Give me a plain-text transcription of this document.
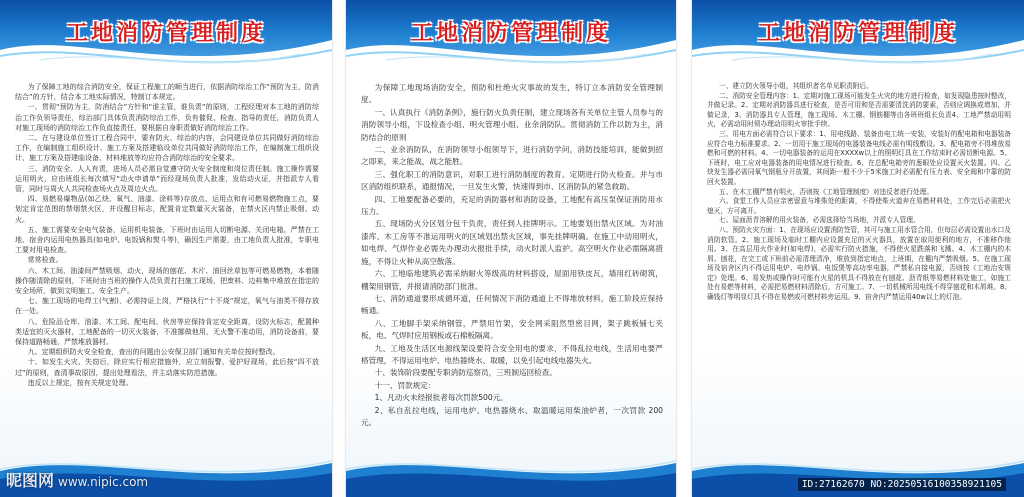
工地消防管理制度

为了保障工地的综合消防安全，保证工程施工的顺当进行，依据消防综治工作“预防为主，防消结合”的方针，结合本工地实际情况，特制订本规定。

一、贯彻“预防为主，防消结合”方针和“谁主管，谁负责”的原则，工程经理对本工地的消防综治工作负领导责任，综治部门具体负责消防综治工作，负有催促、检查、指导的责任，消防负责人对施工现场的消防综治工作负直接责任，要根据自身职责做好消防综治工作。

二、在与建设单位签订工程合同中，要有防火、综治的内容，会同建设单位共同做好消防综治工作，在编制施工组织设计、施工方案及搭建临设单位共同做好消防综治工作，在编制施工组织设计、施工方案及搭建临设备、材料堆放等均应符合消防综治的安全要求。

三、消防安全、人人有责，进场人员必需自觉遵守防火安全制度和岗位责任制。施工操作需要运用明火，应由班组长每次填写“动火申请单”而经现场负责人批准，发给动火证，并指派专人看管，同时与周火人共同检查场火点及周边火点。

四、易燃易爆物品(如乙炔、氧气、油漆、涂料等)存放点、运用点和有可燃易燃物施工点，要划定肯定范围的禁烟禁火区，并设醒目标志，配置肯定数量灭火装备，在禁火区内禁止吸烟、动火。

五、施工需要安全电气装备，运用机电装备，下班时由运用人切断电源、关闭电箱。严禁在工地、宿舍内运用电热器具(如电炉、电饭锅和熨斗等)，确因生产需要，由工地负责人批准，专职电工要对用电检查。

常常检查。

六、木工间、油漆间严禁吸烟、动火，现场的刨花、木片、油回丝草包等可燃易燃物，本着随操作随清除的原则，下班时由当班的操作人员负责打扫施工现场，把废料、边料集中堆放在指定的安全场所，做到文明施工、安全生产。

七、施工现场的电焊工(气割)，必需持证上岗，严格执行“十不烧”规定，氧气与油类不得存放在一处。

八、危险品仓库、油漆、木工间、配电间、伙房等应保持肯定安全距离，设防火标志，配置种类适宜的灭火器材，工地配备的一切灭火装备，不准挪做他用，无火警不准动用，消防设备前，要保持道路畅通，严禁堆放器材。

九、定期组织防火安全检查，查出的问题由公安保卫部门通知有关单位按时整改。

十、如发生火灾、失窃后，除应实行相应措施外，应立刻报警，爱护好现场，此后按“四不放过”的原则，查清事故原因，提出处理看法，并主动落实防范措施。

违反以上规定，按有关规定处理。

工地消防管理制度

为保障工地现场消防安全，预防和杜绝火灾事故的发生，特订立本消防安全管理制度。

一、认真执行《消防条例》，施行防火负责任制，建立现场各有关单位主管人员参与的消防领导小组，下设检查小组、明火管理小组、业余消防队。贯彻消防工作以防为主，消防结合的原则

二、业余消防队，在消防领导小组领导下，进行消防学问，消防技能培训，能做到招之即来，来之能战，战之能胜。

三、强化职工的消防意识，对职工进行消防制度的教育。定期进行防火检查。并与市区消防组织联系，通报情况，一旦发生火警，快速得到市、区消防队的紧急救助。

四、工地要配备必要的，充足的消防器材和消防设备，工地配有高压泵保证消防用水压力。

五、现场防火分区划分包干负责，责任到人挂牌明示。工地要划出禁火区域。为对油漆库、木工房等不准运用明火的区域划出禁火区域，事先挂牌明确。在施工中动用明火，如电焊、气焊作业必需先办理动火报批手续，动火时派人监护。高空明火作业必需隔离措施，不得让火种从高空散落。

六、工地临地建筑必需采纳耐火等级高的材料搭设，屋面用铁皮瓦，墙用红砖砌筑，棚架用钢管，并报请消防部门批准。

七、消防通道要形成循环道，任何情况下消防通道上不得堆放材料，施工阶段应保持畅通。

八、工地脚手架采纳钢管，严禁用竹架，安全网采阻然型密目网，架子跳板铺七夹板，电、气焊时应用钢板或石棉板隔离。

九、工地及生活区电源线架设要符合安全用电的要求，不得乱拉电线，生活用电要严格管理，不得运用电炉、电热器烧水、取暖，以免引起电线电器失火。

十、装饰阶段要配专职消防巡察员，三班制巡回检查。

十一、罚款规定：

1、凡动火未经报批者每次罚款500元。

2、私自乱拉电线，运用电炉、电热器烧水、取温暖运用柴油炉者，一次罚款 200 元。

工地消防管理制度

一、建立防火领导小组，其组织者名单见职责附后。

二、消防安全管理内容：1、定期对施工现场可能发生火灾的地方进行检查，如发现隐患按时整改，并做记录。2、定期对消防器具进行检查，是否可用和是否需要清洗消防要素，否则应调换或增加，并做记录，3、消防器具专人管理，施工现场、木工棚、钢筋棚等由各班班组长负责4、工地严禁动用明火，必需动用时须办理动用明火审批手续。

三、用电方面必需符合以下要求：1、用电线路、装备由电工统一安装，安装好的配电箱和电器装备应符合电力标准要求。2、一切用于施工现场的电器装备电线必需有明线敷设。3、配电箱旁不得堆放易燃和可燃的材料。4、一切电器装备的运用在XXXXw以上的照明灯具在工作结束时必需切断电源。5、下班时，电工应对电器装备的用电情况进行检查。6、在总配电箱旁的葱眼处应设置灭火装置。四、乙炔发生器必需同氧气钢瓶分开放置，其间距一般不少于5米施工时必需配有压力表、安全阀和中靠的防回火装置。

五、在木工棚严禁有明火，否则按《工地管理制度》对违反者进行处理。

六、食堂工作人员应亲密留意与堆柴处的距离，不得使柴火道奔在易燃材料处，工作完后必需把火熄灭，方可离开。

七、屋面沥青溶解的用火装备，必需选择恰当场地，并派专人管理。

八、预防火灾方面：1、在现场应设置消防签管，其可与施工用水管合用，但每层必需设置出水口及消防软管。2、施工现场及临时工棚内应设置充足的灭火器具，放置在取用便利的地方，不准移作他用。3、在高层用火作业时(如电焊)，必需实行防火措施，不得使火星跌落和飞溅。4、木工棚内的木屑、刨花，在完工或下班前必需清理清净，堆放到指定地点，上班期，在棚内严禁吸烟。5、在施工现场及宿舍区内不得运用电炉、电炒锅、电饭煲等高功率电器，严禁私自接电源，否则按《工地治安规定》处理。6、易发热或操作时可能有火星的机具不得放在有刨花、沥青纸等易燃材料处施工，如施工处有易燃等材料，必需把易燃材料清除后，方可施工。7、一切机械所用电线不得穿刨花和木屑堆。8、确钱灯等明显灯具不得在易燃或可燃材料旁运用。9、宿舍内严禁运用40w以上的灯泡。

昵图网 www.nipic.com	ID:27162670 NO:20250516100358921105
